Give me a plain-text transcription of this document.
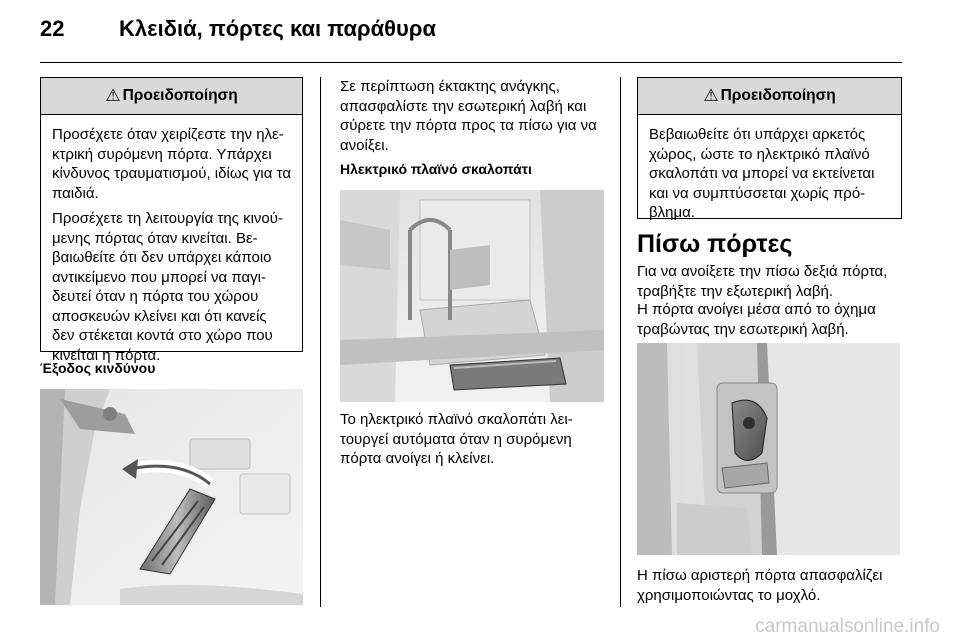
22 Κλειδιά, πόρτες και παράθυρα
⚠ Προειδοποίηση

Προσέχετε όταν χειρίζεστε την ηλε-κτρική συρόμενη πόρτα. Υπάρχει κίνδυνος τραυματισμού, ιδίως για τα παιδιά.

Προσέχετε τη λειτουργία της κινού-μενης πόρτας όταν κινείται. Βε-βαιωθείτε ότι δεν υπάρχει κάποιο αντικείμενο που μπορεί να παγι-δευτεί όταν η πόρτα του χώρου αποσκευών κλείνει και ότι κανείς δεν στέκεται κοντά στο χώρο που κινείται η πόρτα.

Έξοδος κινδύνου
Σε περίπτωση έκτακτης ανάγκης, απασφαλίστε την εσωτερική λαβή και σύρετε την πόρτα προς τα πίσω για να ανοίξει.
Ηλεκτρικό πλαϊνό σκαλοπάτι
Το ηλεκτρικό πλαϊνό σκαλοπάτι λει-τουργεί αυτόματα όταν η συρόμενη πόρτα ανοίγει ή κλείνει.
⚠ Προειδοποίηση

Βεβαιωθείτε ότι υπάρχει αρκετός χώρος, ώστε το ηλεκτρικό πλαϊνό σκαλοπάτι να μπορεί να εκτείνεται και να συμπτύσσεται χωρίς πρό-βλημα.

Πίσω πόρτες
Για να ανοίξετε την πίσω δεξιά πόρτα, τραβήξτε την εξωτερική λαβή.
Η πόρτα ανοίγει μέσα από το όχημα τραβώντας την εσωτερική λαβή.
Η πίσω αριστερή πόρτα απασφαλίζει χρησιμοποιώντας το μοχλό.
carmanualsonline.info
